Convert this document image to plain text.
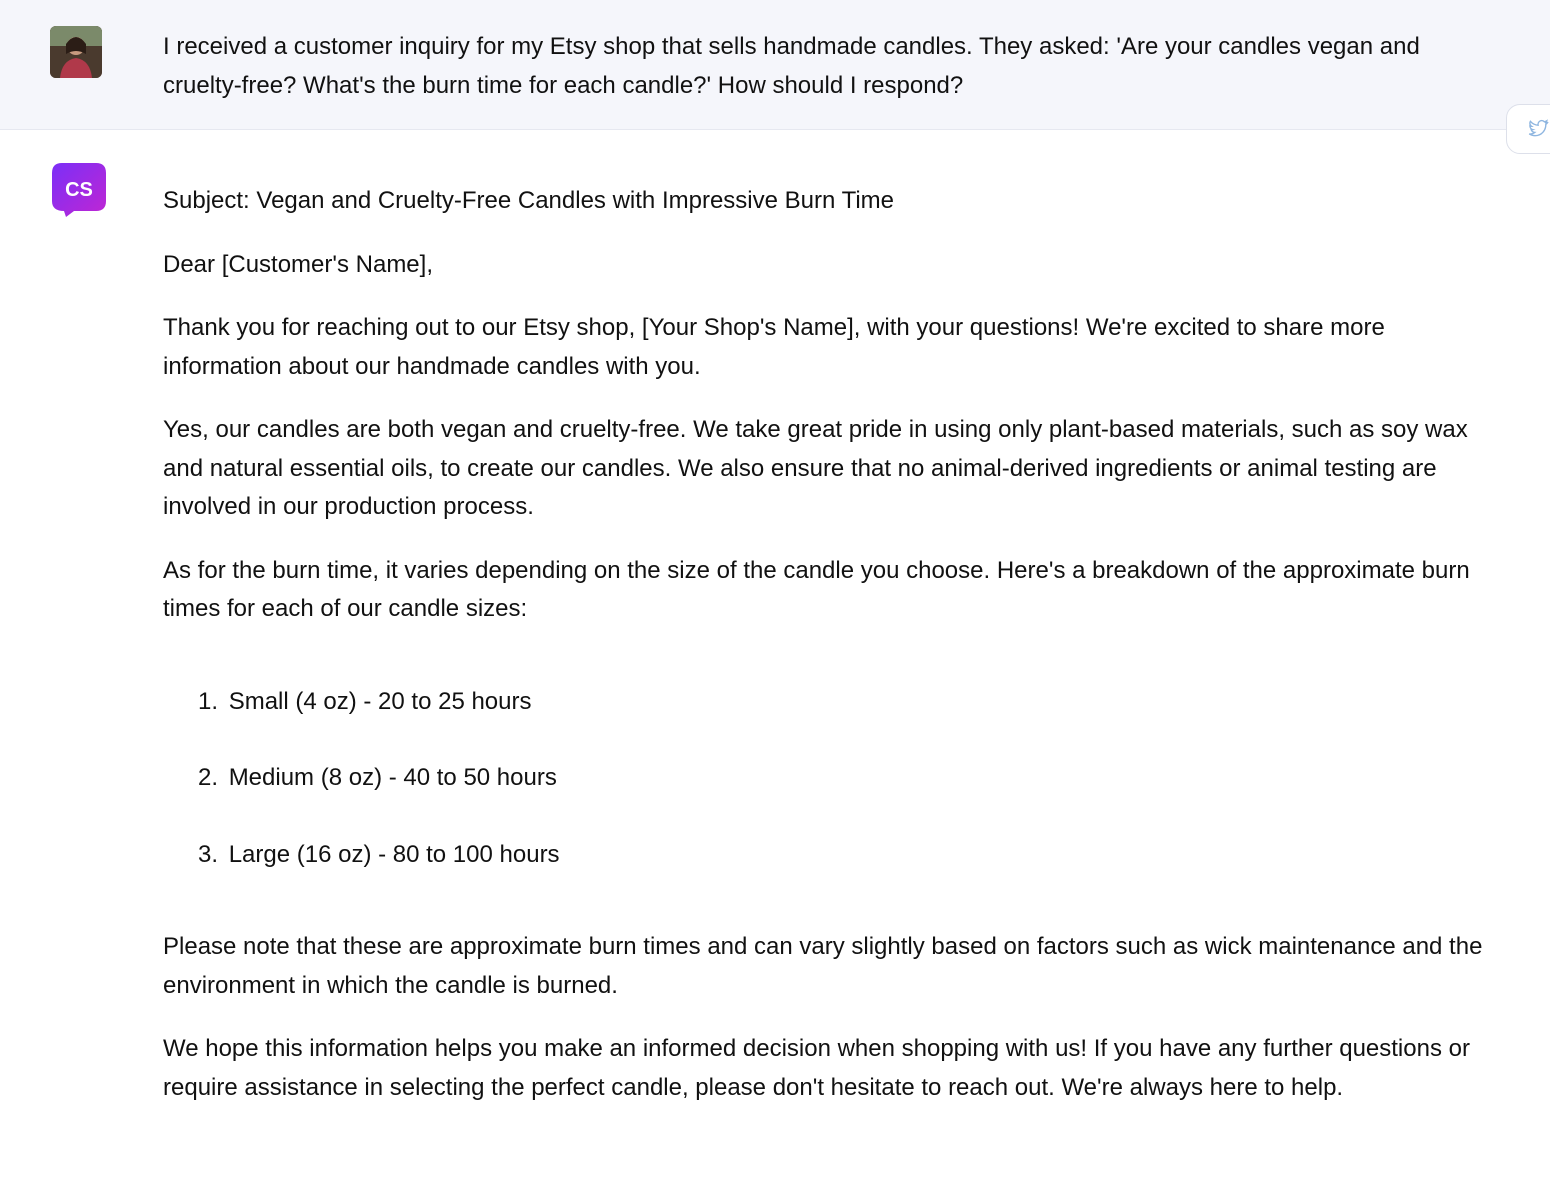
I received a customer inquiry for my Etsy shop that sells handmade candles. They asked: 'Are your candles vegan and cruelty-free? What's the burn time for each candle?' How should I respond?
CS	Subject: Vegan and Cruelty-Free Candles with Impressive Burn Time

Dear [Customer's Name],

Thank you for reaching out to our Etsy shop, [Your Shop's Name], with your questions! We're excited to share more information about our handmade candles with you.

Yes, our candles are both vegan and cruelty-free. We take great pride in using only plant-based materials, such as soy wax and natural essential oils, to create our candles. We also ensure that no animal-derived ingredients or animal testing are involved in our production process.

As for the burn time, it varies depending on the size of the candle you choose. Here's a breakdown of the approximate burn times for each of our candle sizes:

1. Small (4 oz) - 20 to 25 hours
2. Medium (8 oz) - 40 to 50 hours
3. Large (16 oz) - 80 to 100 hours

Please note that these are approximate burn times and can vary slightly based on factors such as wick maintenance and the environment in which the candle is burned.

We hope this information helps you make an informed decision when shopping with us! If you have any further questions or require assistance in selecting the perfect candle, please don't hesitate to reach out. We're always here to help.
